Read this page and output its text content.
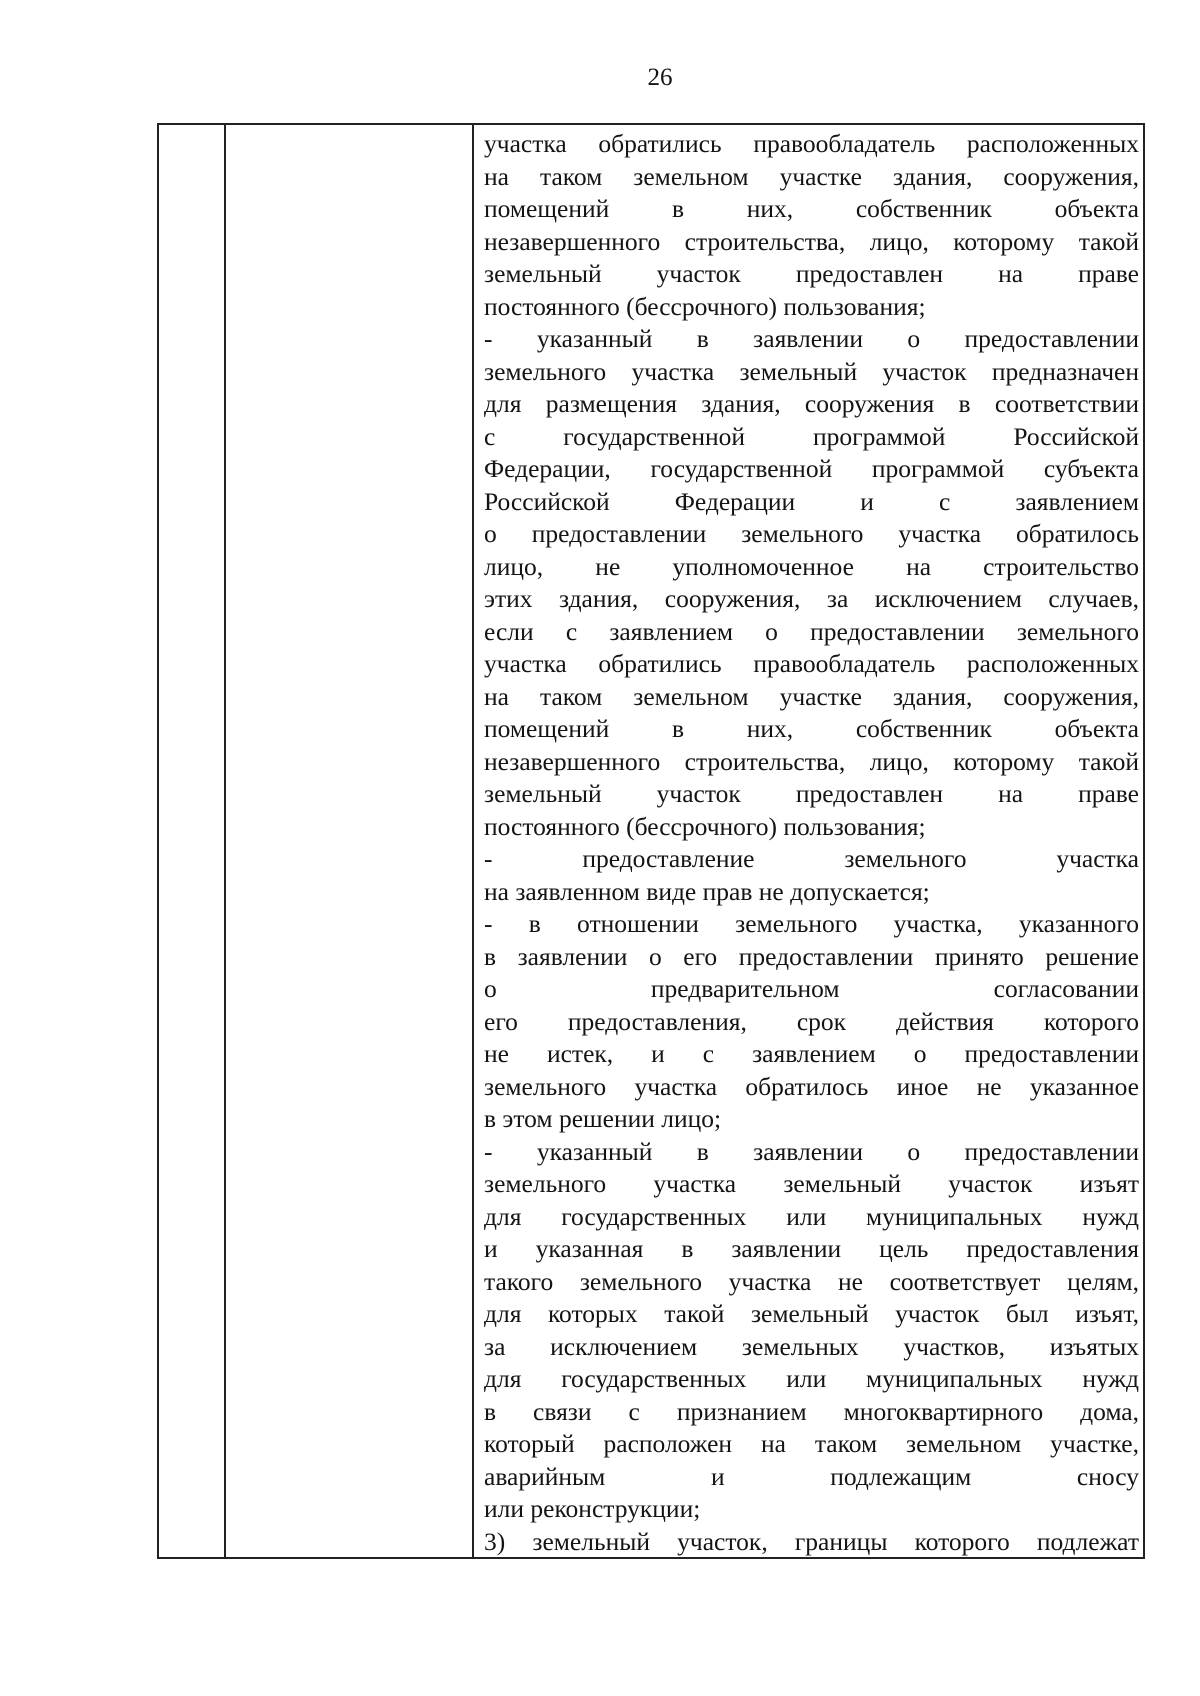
26
участка обратились правообладатель расположенных
на таком земельном участке здания, сооружения,
помещений в них, собственник объекта
незавершенного строительства, лицо, которому такой
земельный участок предоставлен на праве
постоянного (бессрочного) пользования;
- указанный в заявлении о предоставлении
земельного участка земельный участок предназначен
для размещения здания, сооружения в соответствии
с государственной программой Российской
Федерации, государственной программой субъекта
Российской Федерации и с заявлением
о предоставлении земельного участка обратилось
лицо, не уполномоченное на строительство
этих здания, сооружения, за исключением случаев,
если с заявлением о предоставлении земельного
участка обратились правообладатель расположенных
на таком земельном участке здания, сооружения,
помещений в них, собственник объекта
незавершенного строительства, лицо, которому такой
земельный участок предоставлен на праве
постоянного (бессрочного) пользования;
- предоставление земельного участка
на заявленном виде прав не допускается;
- в отношении земельного участка, указанного
в заявлении о его предоставлении принято решение
о предварительном согласовании
его предоставления, срок действия которого
не истек, и с заявлением о предоставлении
земельного участка обратилось иное не указанное
в этом решении лицо;
- указанный в заявлении о предоставлении
земельного участка земельный участок изъят
для государственных или муниципальных нужд
и указанная в заявлении цель предоставления
такого земельного участка не соответствует целям,
для которых такой земельный участок был изъят,
за исключением земельных участков, изъятых
для государственных или муниципальных нужд
в связи с признанием многоквартирного дома,
который расположен на таком земельном участке,
аварийным и подлежащим сносу
или реконструкции;
3) земельный участок, границы которого подлежат
